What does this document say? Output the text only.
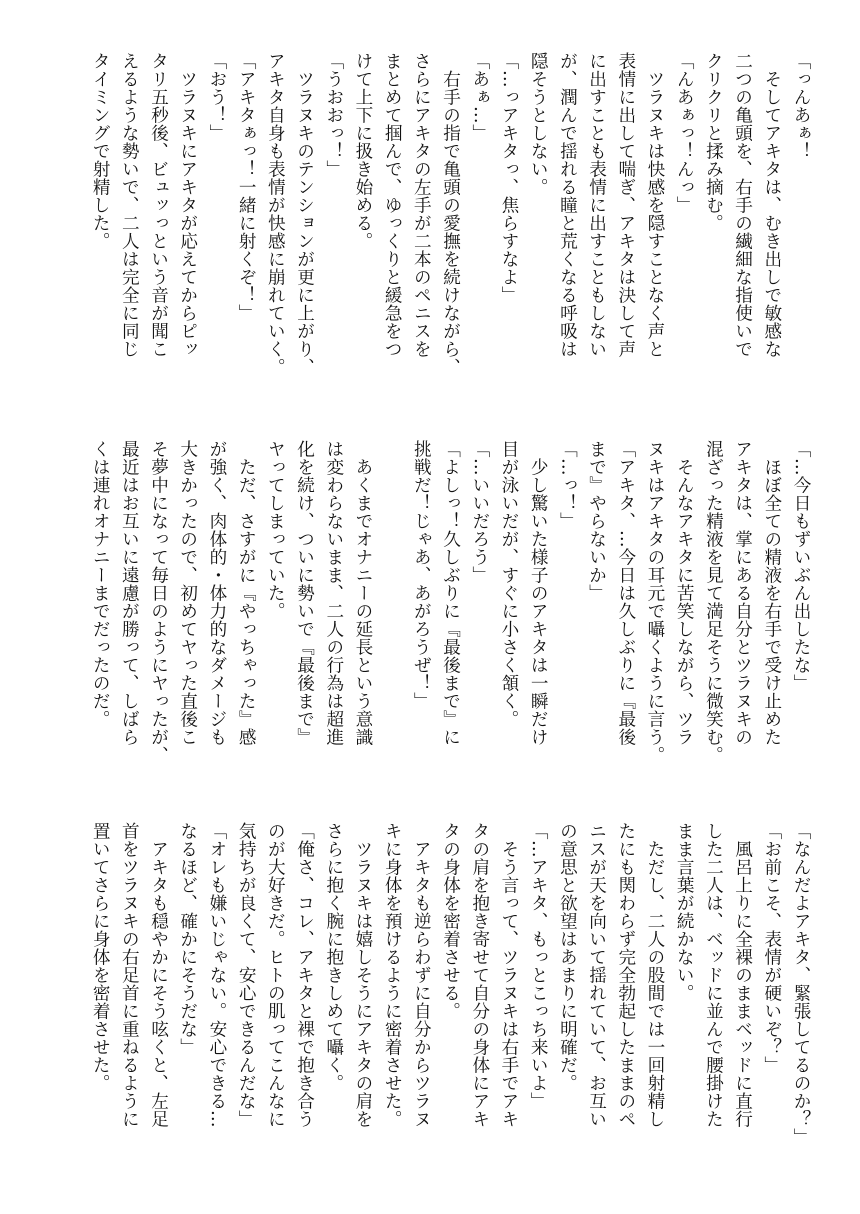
「っんあぁ！
　そしてアキタは、むき出しで敏感な
二つの亀頭を、右手の繊細な指使いで
クリクリと揉み摘む。
「んあぁっ！んっ」
　ツラヌキは快感を隠すことなく声と
表情に出して喘ぎ、アキタは決して声
に出すことも表情に出すこともしない
が、潤んで揺れる瞳と荒くなる呼吸は
隠そうとしない。
「…っアキタっ、焦らすなよ」
「あぁ…」
　右手の指で亀頭の愛撫を続けながら、
さらにアキタの左手が二本のペニスを
まとめて掴んで、ゆっくりと緩急をつ
けて上下に扱き始める。
「うおおっ！」
　ツラヌキのテンションが更に上がり、
アキタ自身も表情が快感に崩れていく。
「アキタぁっ！一緒に射くぞ！」
「おう！」
　ツラヌキにアキタが応えてからピッ
タリ五秒後、ビュッっという音が聞こ
えるような勢いで、二人は完全に同じ
タイミングで射精した。
「…今日もずいぶん出したな」
　ほぼ全ての精液を右手で受け止めた
アキタは、掌にある自分とツラヌキの
混ざった精液を見て満足そうに微笑む。
　そんなアキタに苦笑しながら、ツラ
ヌキはアキタの耳元で囁くように言う。
「アキタ、…今日は久しぶりに『最後
まで』やらないか」
「…っ！」
　少し驚いた様子のアキタは一瞬だけ
目が泳いだが、すぐに小さく頷く。
「…いいだろう」
「よしっ！久しぶりに『最後まで』に
挑戦だ！じゃあ、あがろうぜ！」
　あくまでオナニーの延長という意識
は変わらないまま、二人の行為は超進
化を続け、ついに勢いで『最後まで』
ヤってしまっていた。
　ただ、さすがに『やっちゃった』感
が強く、肉体的・体力的なダメージも
大きかったので、初めてヤった直後こ
そ夢中になって毎日のようにヤったが、
最近はお互いに遠慮が勝って、しばら
くは連れオナニーまでだったのだ。
「なんだよアキタ、緊張してるのか？」
「お前こそ、表情が硬いぞ？」
　風呂上りに全裸のままベッドに直行
した二人は、ベッドに並んで腰掛けた
まま言葉が続かない。
　ただし、二人の股間では一回射精し
たにも関わらず完全勃起したままのペ
ニスが天を向いて揺れていて、お互い
の意思と欲望はあまりに明確だ。
「…アキタ、もっとこっち来いよ」
　そう言って、ツラヌキは右手でアキ
タの肩を抱き寄せて自分の身体にアキ
タの身体を密着させる。
　アキタも逆らわずに自分からツラヌ
キに身体を預けるように密着させた。
　ツラヌキは嬉しそうにアキタの肩を
さらに抱く腕に抱きしめて囁く。
「俺さ、コレ、アキタと裸で抱き合う
のが大好きだ。ヒトの肌ってこんなに
気持ちが良くて、安心できるんだな」
「オレも嫌いじゃない。安心できる…
なるほど、確かにそうだな」
　アキタも穏やかにそう呟くと、左足
首をツラヌキの右足首に重ねるように
置いてさらに身体を密着させた。
